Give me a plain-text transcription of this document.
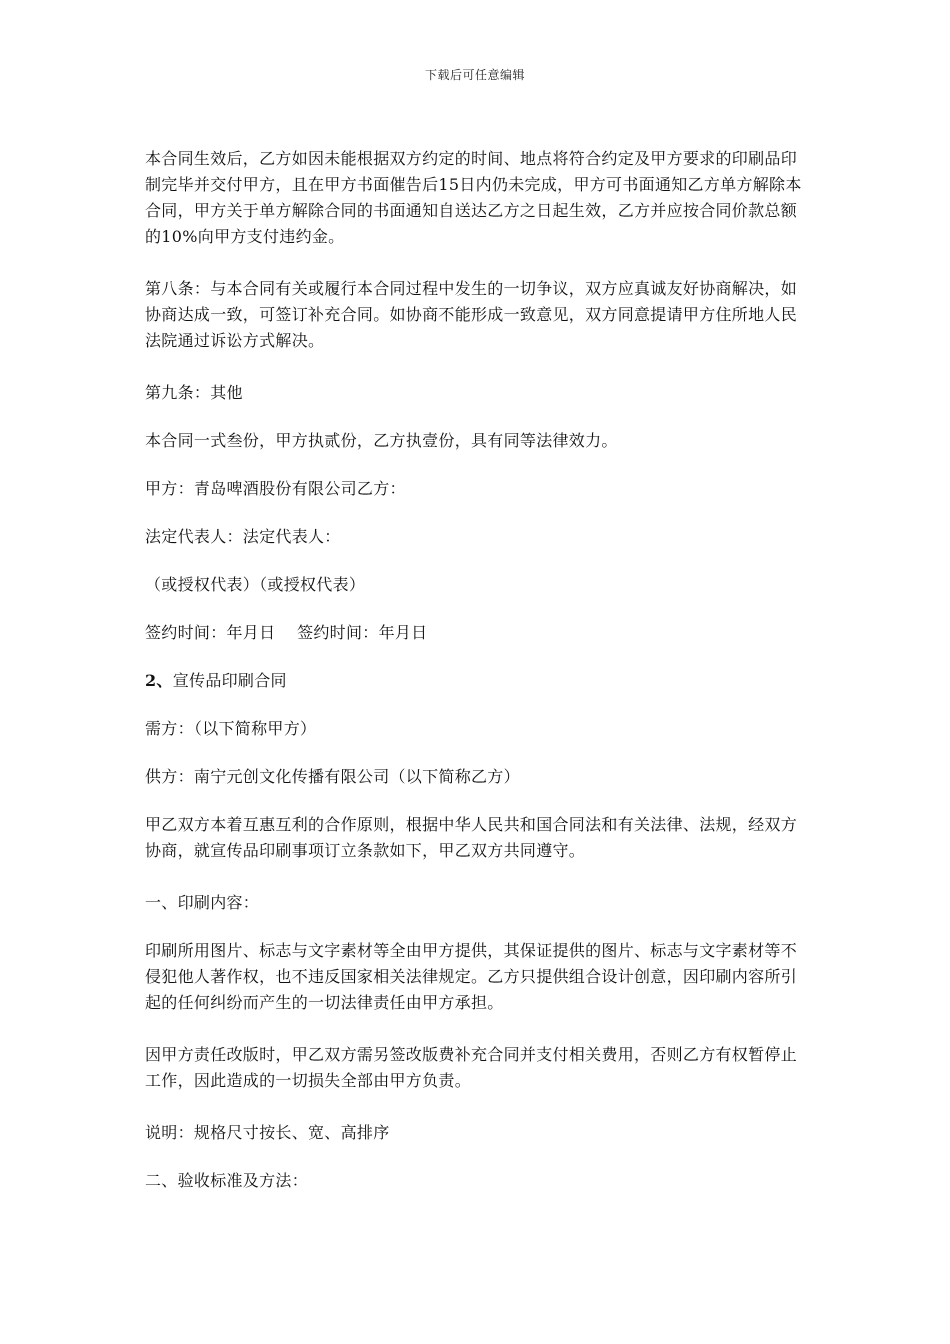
下载后可任意编辑

本合同生效后，乙方如因未能根据双方约定的时间、地点将符合约定及甲方要求的印刷品印制完毕并交付甲方，且在甲方书面催告后15日内仍未完成，甲方可书面通知乙方单方解除本合同，甲方关于单方解除合同的书面通知自送达乙方之日起生效，乙方并应按合同价款总额的10%向甲方支付违约金。

第八条：与本合同有关或履行本合同过程中发生的一切争议，双方应真诚友好协商解决，如协商达成一致，可签订补充合同。如协商不能形成一致意见，双方同意提请甲方住所地人民法院通过诉讼方式解决。

第九条：其他

本合同一式叁份，甲方执贰份，乙方执壹份，具有同等法律效力。

甲方：青岛啤酒股份有限公司乙方：

法定代表人：法定代表人：

（或授权代表）（或授权代表）

签约时间：年月日　 签约时间：年月日

2、宣传品印刷合同

需方：（以下简称甲方）

供方：南宁元创文化传播有限公司（以下简称乙方）

甲乙双方本着互惠互利的合作原则，根据中华人民共和国合同法和有关法律、法规，经双方协商，就宣传品印刷事项订立条款如下，甲乙双方共同遵守。

一、印刷内容：

印刷所用图片、标志与文字素材等全由甲方提供，其保证提供的图片、标志与文字素材等不侵犯他人著作权，也不违反国家相关法律规定。乙方只提供组合设计创意，因印刷内容所引起的任何纠纷而产生的一切法律责任由甲方承担。

因甲方责任改版时，甲乙双方需另签改版费补充合同并支付相关费用，否则乙方有权暂停止工作，因此造成的一切损失全部由甲方负责。

说明：规格尺寸按长、宽、高排序

二、验收标准及方法：
